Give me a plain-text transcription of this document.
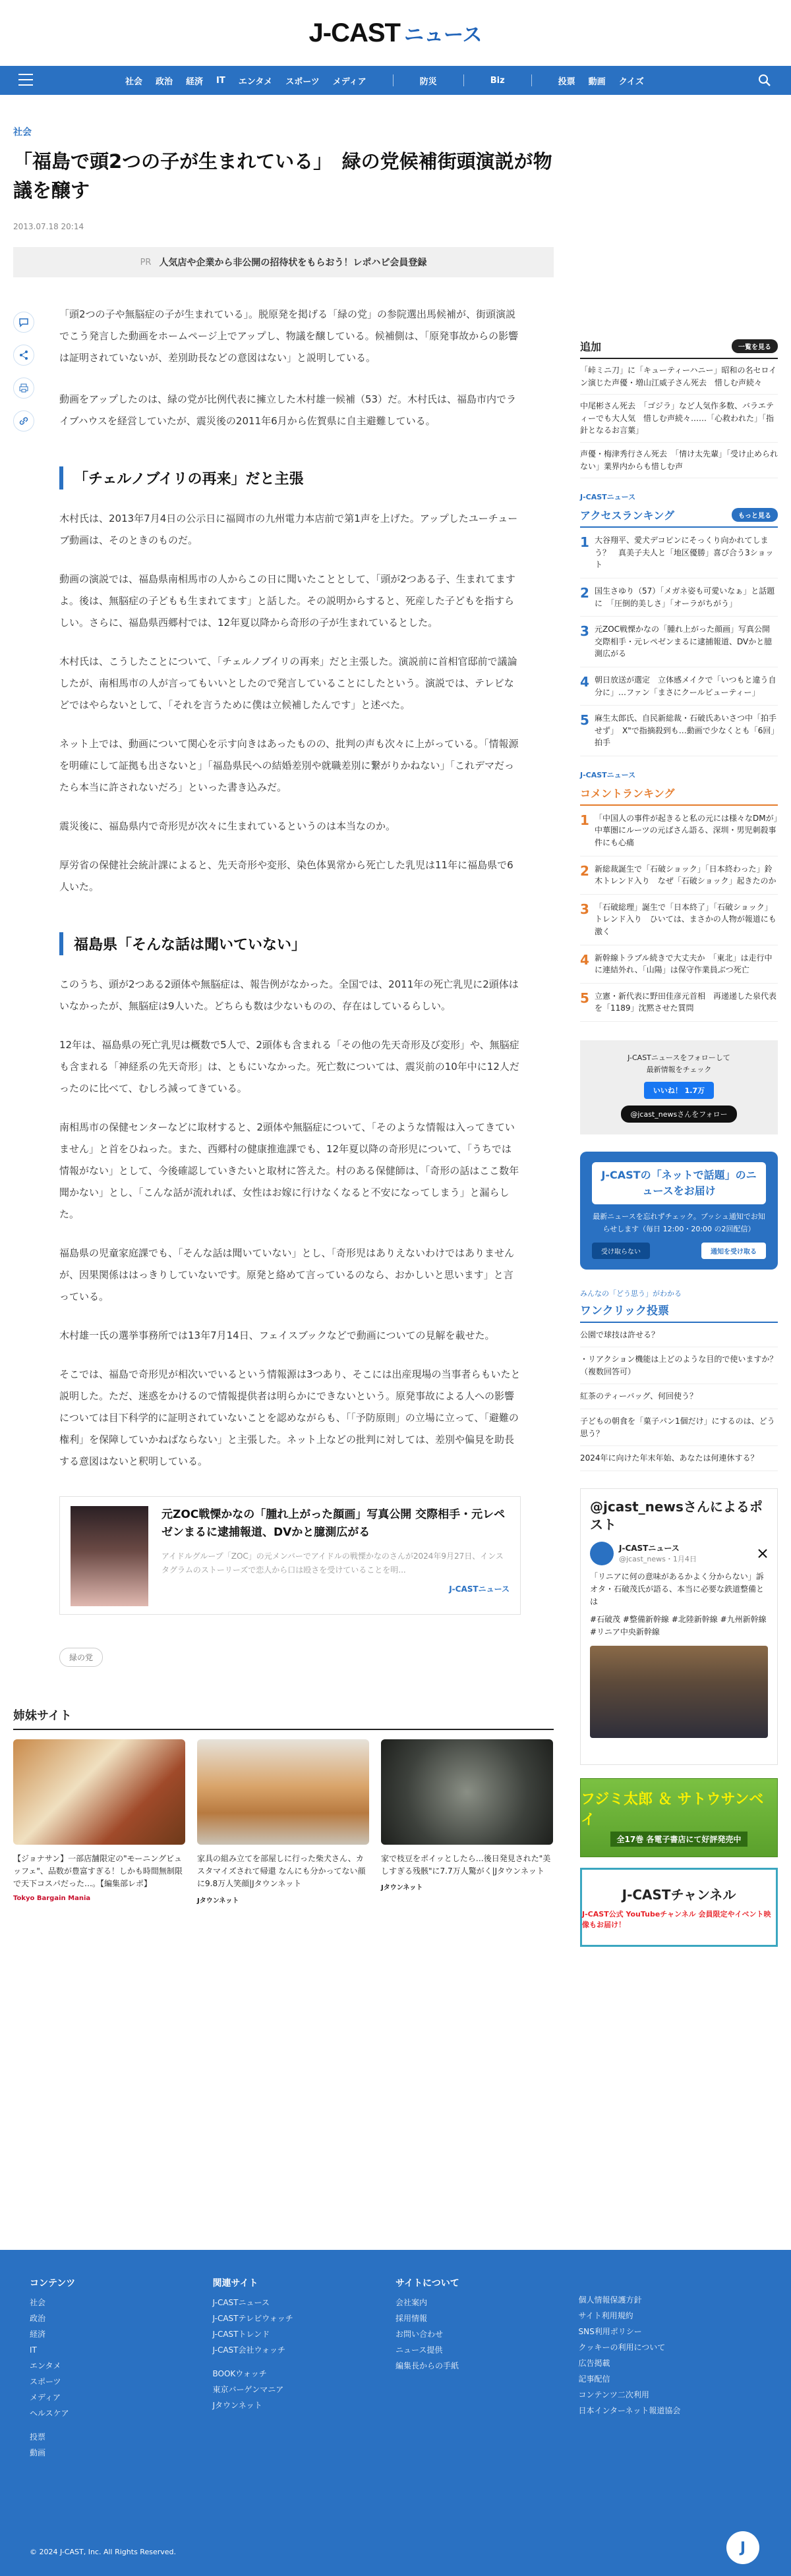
J-CAST ニュース
社会	政治	経済	IT	エンタメ	スポーツ	メディア	防災	Biz	投票	動画	クイズ
社会
「福島で頭2つの子が生まれている」　緑の党候補街頭演説が物議を醸す
2013.07.18 20:14
PR 人気店や企業から非公開の招待状をもらおう！レポハピ会員登録

「頭2つの子や無脳症の子が生まれている」。脱原発を掲げる「緑の党」の参院選出馬候補が、街頭演説でこう発言した動画をホームページ上でアップし、物議を醸している。候補側は、「原発事故からの影響は証明されていないが、差別助長などの意図はない」と説明している。

動画をアップしたのは、緑の党が比例代表に擁立した木村雄一候補（53）だ。木村氏は、福島市内でライブハウスを経営していたが、震災後の2011年6月から佐賀県に自主避難している。

「チェルノブイリの再来」だと主張

木村氏は、2013年7月4日の公示日に福岡市の九州電力本店前で第1声を上げた。アップしたユーチューブ動画は、そのときのものだ。

動画の演説では、福島県南相馬市の人からこの日に聞いたこととして、「頭が2つある子、生まれてますよ。後は、無脳症の子どもも生まれてます」と話した。その説明からすると、死産した子どもを指すらしい。さらに、福島県西郷村では、12年夏以降から奇形の子が生まれているとした。

木村氏は、こうしたことについて、「チェルノブイリの再来」だと主張した。演説前に首相官邸前で議論したが、南相馬市の人が言ってもいいとしたので発言していることにしたという。演説では、テレビなどではやらないとして、「それを言うために僕は立候補したんです」と述べた。

ネット上では、動画について関心を示す向きはあったものの、批判の声も次々に上がっている。「情報源を明確にして証拠も出さないと」「福島県民への結婚差別や就職差別に繋がりかねない」「これデマだったら本当に許されないだろ」といった書き込みだ。

震災後に、福島県内で奇形児が次々に生まれているというのは本当なのか。

厚労省の保健社会統計課によると、先天奇形や変形、染色体異常から死亡した乳児は11年に福島県で6人いた。

福島県「そんな話は聞いていない」

このうち、頭が2つある2頭体や無脳症は、報告例がなかった。全国では、2011年の死亡乳児に2頭体はいなかったが、無脳症は9人いた。どちらも数は少ないものの、存在はしているらしい。

12年は、福島県の死亡乳児は概数で5人で、2頭体も含まれる「その他の先天奇形及び変形」や、無脳症も含まれる「神経系の先天奇形」は、ともにいなかった。死亡数については、震災前の10年中に12人だったのに比べて、むしろ減ってきている。

南相馬市の保健センターなどに取材すると、2頭体や無脳症について、「そのような情報は入ってきていません」と首をひねった。また、西郷村の健康推進課でも、12年夏以降の奇形児について、「うちでは情報がない」として、今後確認していきたいと取材に答えた。村のある保健師は、「奇形の話はここ数年聞かない」とし、「こんな話が流れれば、女性はお嫁に行けなくなると不安になってしまう」と漏らした。

福島県の児童家庭課でも、「そんな話は聞いていない」とし、「奇形児はありえないわけではありませんが、因果関係ははっきりしていないです。原発と絡めて言っているのなら、おかしいと思います」と言っている。

木村雄一氏の選挙事務所では13年7月14日、フェイスブックなどで動画についての見解を載せた。

そこでは、福島で奇形児が相次いでいるという情報源は3つあり、そこには出産現場の当事者らもいたと説明した。ただ、迷惑をかけるので情報提供者は明らかにできないという。原発事故による人への影響については目下科学的に証明されていないことを認めながらも、「「予防原則」の立場に立って、「避難の権利」を保障していかねばならない」と主張した。ネット上などの批判に対しては、差別や偏見を助長する意図はないと釈明している。

元ZOC戦慄かなの「腫れ上がった顔画」写真公開 交際相手・元レペゼンまるに逮捕報道、DVかと臆測広がる
アイドルグループ「ZOC」の元メンバーでアイドルの戦慄かなのさんが2024年9月27日、インスタグラムのストーリーズで恋人から口は殴さを受けていることを明...
J-CASTニュース
緑の党
姉妹サイト
【ジョナサン】一部店舗限定の"モーニングビュッフェ"、品数が豊富すぎる！しかも時間無制限で天下コスパだった…。【編集部レポ】
Tokyo Bargain Mania
家具の組み立てを部屋しに行った柴犬さん、カスタマイズされて帰還 なんにも分かってない顔に9.8万人笑顔|Jタウンネット
Jタウンネット
家で枝豆をポイッとしたら…後日発見された"美しすぎる残骸"に7.7万人驚がく|Jタウンネット
Jタウンネット
追加	一覧を見る
「峠ミニ刀」に「キューティーハニー」昭和の名セロイン演じた声優・増山江威子さん死去　惜しむ声続々
中尾彬さん死去　「ゴジラ」など人気作多数、バラエティーでも大人気　惜しむ声続々……「心救われた」「指針となるお言葉」
声優・梅津秀行さん死去　「情け太先輩」「受け止められない」業界内からも惜しむ声
J-CASTニュース
アクセスランキング	もっと見る
1 大谷翔平、愛犬デコピンにそっくり向かれてしまう？　真美子夫人と「地区優勝」喜び合う3ショット
2 国生さゆり（57）「メガネ姿も可愛いなぁ」と話題に　「圧倒的美しさ」「オーラがちがう」
3 元ZOC戦慄かなの「腫れ上がった顔画」写真公開　交際相手・元レペゼンまるに逮捕報道、DVかと臆測広がる
4 朝日放送が選定　立体感メイクで「いつもと違う自分に」…ファン「まさにクールビューティー」
5 麻生太郎氏、自民新総裁・石破氏あいさつ中「拍手せず」　X"で指摘殺到も…動画で少なくとも「6回」拍手
J-CASTニュース
コメントランキング
1 「中国人の事件が起きると私の元には様々なDMが」　中華圏にルーツの元ばさん語る、深圳・男児刺殺事件にも心痛
2 新総裁誕生で「石破ショック」「日本終わった」鈴木トレンド入り　なぜ「石破ショック」起きたのか
3 「石破総理」誕生で「日本終了」「石破ショック」トレンド入り　ひいては、まさかの人物が報道にも激く
4 新幹線トラブル続きで大丈夫か　「東北」は走行中に連結外れ、「山陽」は保守作業員ぶつ死亡
5 立憲・新代表に野田佳彦元首相　再递递した泉代表を「1189」沈黙させた質問
J-CASTニュースをフォローして
最新情報をチェック
いいね！ 1.7万
@jcast_newsさんをフォロー
J-CASTの「ネットで話題」のニュースをお届け
最新ニュースを忘れずチェック。プッシュ通知でお知らせします（毎日 12:00・20:00 の2回配信）
受け取らない	通知を受け取る
みんなの「どう思う」がわかる
ワンクリック投票
公園で球技は許せる？
・リアクション機能は上どのような目的で使いますか？（複数回答可）
紅茶のティーバッグ、何回使う？
子どもの朝食を「菓子パン1個だけ」にするのは、どう思う？
2024年に向けた年末年始、あなたは何連休する？
@jcast_newsさんによるポスト
J-CASTニュース
@jcast_news・1月4日
「リニアに何の意味があるかよく分からない」訴オタ・石破茂氏が語る、本当に必要な鉄道整備とは
#石破茂 #整備新幹線 #北陸新幹線 #九州新幹線 #リニア中央新幹線
フジミ太郎 ＆ サトウサンベイ
全17巻 各電子書店にて好評発売中
J-CASTチャンネル
J-CAST公式 YouTubeチャンネル 会員限定やイベント映像もお届け！
コンテンツ
社会
政治
経済
IT
エンタメ
スポーツ
メディア
ヘルスケア
投票
動画
関連サイト
J-CASTニュース
J-CASTテレビウォッチ
J-CASTトレンド
J-CAST会社ウォッチ
BOOKウォッチ
東京バーゲンマニア
Jタウンネット
サイトについて
会社案内
採用情報
お問い合わせ
ニュース提供
編集長からの手紙
個人情報保護方針
サイト利用規約
SNS利用ポリシー
クッキーの利用について
広告掲載
記事配信
コンテンツ二次利用
日本インターネット報道協会
© 2024 J-CAST, Inc. All Rights Reserved.	J
